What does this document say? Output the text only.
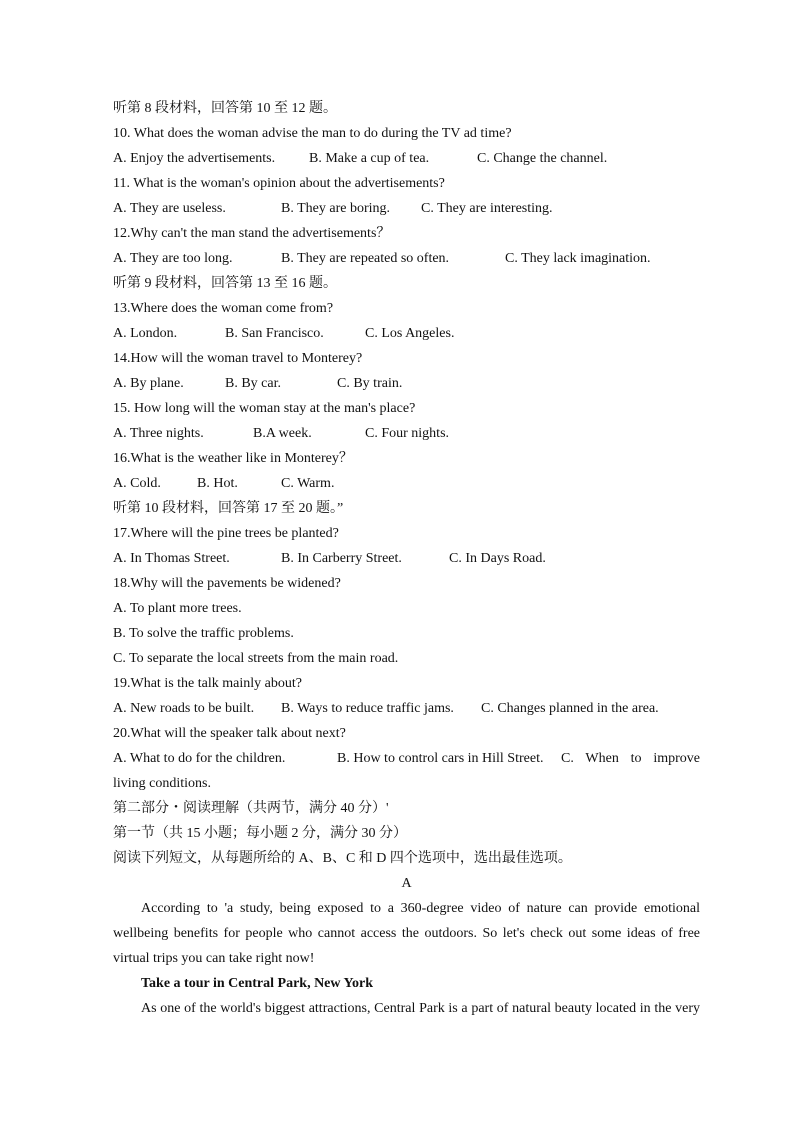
听第 8 段材料，回答第 10 至 12 题。
10. What does the woman advise the man to do during the TV ad time?
A. Enjoy the advertisements. B. Make a cup of tea.	C. Change the channel.
11. What is the woman's opinion about the advertisements?
A. They are useless.	B. They are boring. C. They are interesting.
12.Why can't the man stand the advertisements？
A. They are too long.	B. They are repeated so often.	C. They lack imagination.
听第 9 段材料，回答第 13 至 16 题。
13.Where does the woman come from?
A. London.	B. San Francisco.	C. Los Angeles.
14.How will the woman travel to Monterey?
A. By plane.	B. By car.	C. By train.
15. How long will the woman stay at the man's place?
A. Three nights.	B.A week.	C. Four nights.
16.What is the weather like in Monterey？
A. Cold.	B. Hot.	C. Warm.
听第 10 段材料，回答第 17 至 20 题。”
17.Where will the pine trees be planted?
A. In Thomas Street.	B. In Carberry Street.	C. In Days Road.
18.Why will the pavements be widened?
A. To plant more trees.
B. To solve the traffic problems.
C. To separate the local streets from the main road.
19.What is the talk mainly about?
A. New roads to be built. B. Ways to reduce traffic jams. C. Changes planned in the area.
20.What will the speaker talk about next?
A. What to do for the children.	B. How to control cars in Hill Street. C. When to improve living conditions.
第二部分・阅读理解（共两节，满分 40 分）'
第一节（共 15 小题；每小题 2 分，满分 30 分）
阅读下列短文，从每题所给的 A、B、C 和 D 四个选项中，选出最佳选项。
A
According to 'a study, being exposed to a 360-degree video of nature can provide emotional
wellbeing benefits for people who cannot access the outdoors. So let's check out some ideas of free
virtual trips you can take right now!
Take a tour in Central Park, New York
As one of the world's biggest attractions, Central Park is a part of natural beauty located in the very
